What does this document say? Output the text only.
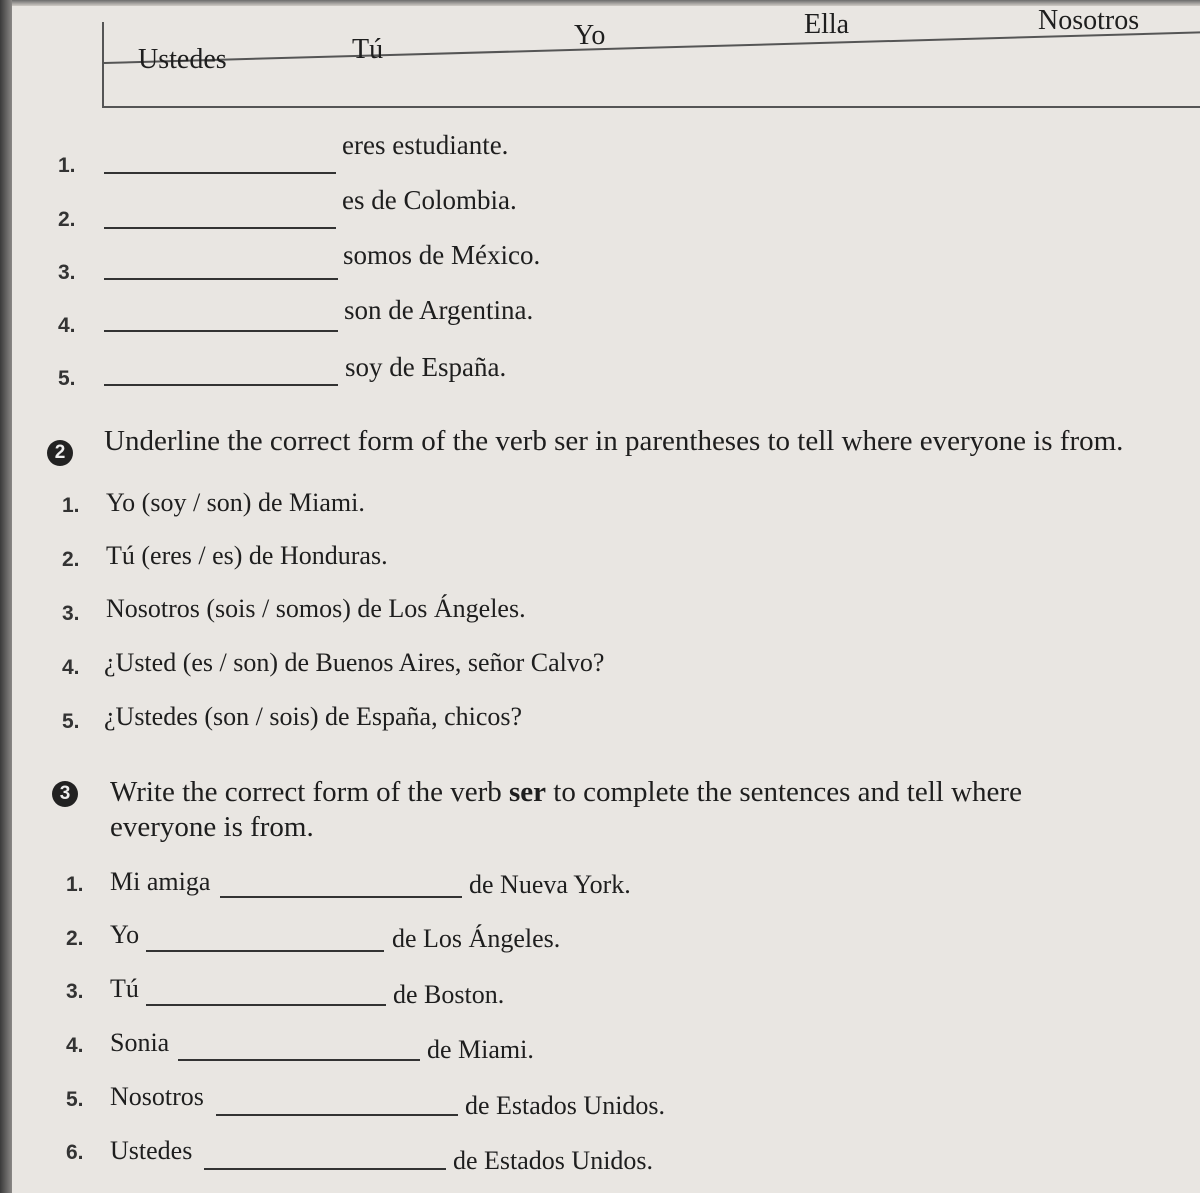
Ustedes	Tú	Yo	Ella	Nosotros
1.
eres estudiante.
2.
es de Colombia.
3.
somos de México.
4.
son de Argentina.
5.	soy de España.
2 Underline the correct form of the verb ser in parentheses to tell where everyone is from.
1. Yo (soy / son) de Miami.
2. Tú (eres / es) de Honduras.
3. Nosotros (sois / somos) de Los Ángeles.
4. ¿Usted (es / son) de Buenos Aires, señor Calvo?
5. ¿Ustedes (son / sois) de España, chicos?
3 Write the correct form of the verb ser to complete the sentences and tell where
everyone is from.
1. Mi amiga	de Nueva York.
2. Yo	de Los Ángeles.
3. Tú	de Boston.
4. Sonia	de Miami.
5. Nosotros	de Estados Unidos.
6. Ustedes	de Estados Unidos.
